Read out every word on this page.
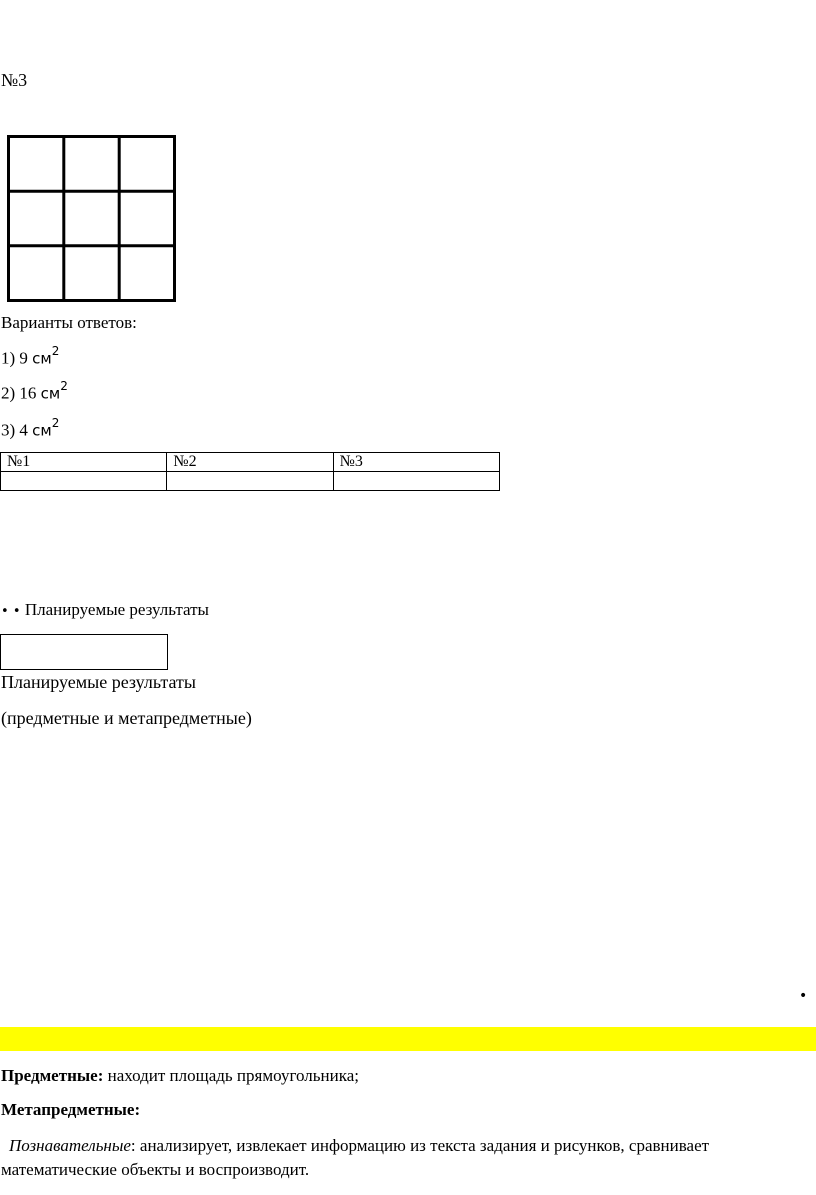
№3
Варианты ответов:
1) 9 $см^2$
2) 16 $см^2$
3) 4 $см^2$
№1	№2	№3

• • Планируемые результаты
Планируемые результаты
(предметные и метапредметные)
•
Предметные: находит площадь прямоугольника;
Метапредметные:
Познавательные: анализирует, извлекает информацию из текста задания и рисунков, сравнивает математические объекты и воспроизводит.
